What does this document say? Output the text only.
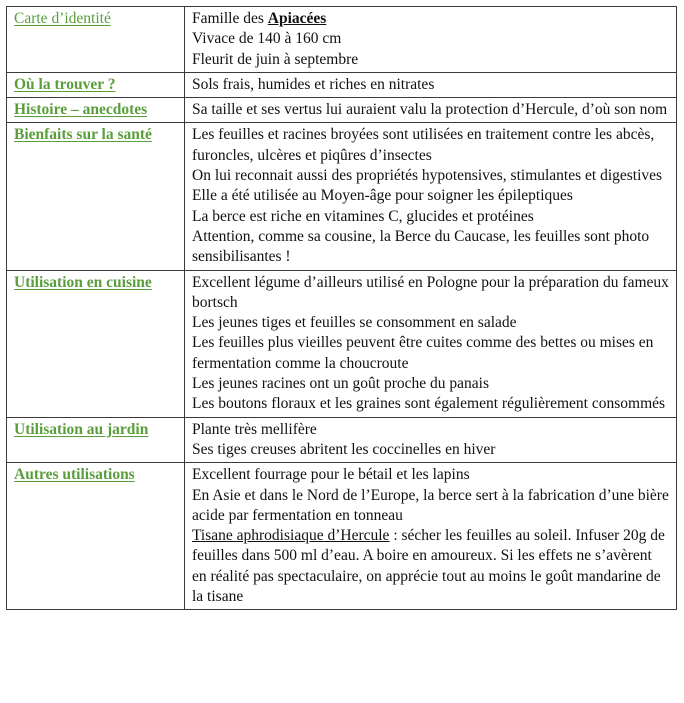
Carte d’identité	Famille des Apiacées
Vivace de 140 à 160 cm
Fleurit de juin à septembre

Où la trouver ?	Sols frais, humides et riches en nitrates

Histoire – anecdotes	Sa taille et ses vertus lui auraient valu la protection d’Hercule, d’où son nom

Bienfaits sur la santé	Les feuilles et racines broyées sont utilisées en traitement contre les abcès, furoncles, ulcères et piqûres d’insectes
On lui reconnait aussi des propriétés hypotensives, stimulantes et digestives
Elle a été utilisée au Moyen-âge pour soigner les épileptiques
La berce est riche en vitamines C, glucides et protéines
Attention, comme sa cousine, la Berce du Caucase, les feuilles sont photo sensibilisantes !

Utilisation en cuisine	Excellent légume d’ailleurs utilisé en Pologne pour la préparation du fameux bortsch
Les jeunes tiges et feuilles se consomment en salade
Les feuilles plus vieilles peuvent être cuites comme des bettes ou mises en fermentation comme la choucroute
Les jeunes racines ont un goût proche du panais
Les boutons floraux et les graines sont également régulièrement consommés

Utilisation au jardin	Plante très mellifère
Ses tiges creuses abritent les coccinelles en hiver

Autres utilisations	Excellent fourrage pour le bétail et les lapins
En Asie et dans le Nord de l’Europe, la berce sert à la fabrication d’une bière acide par fermentation en tonneau
Tisane aphrodisiaque d’Hercule : sécher les feuilles au soleil. Infuser 20g de feuilles dans 500 ml d’eau. A boire en amoureux. Si les effets ne s’avèrent en réalité pas spectaculaire, on apprécie tout au moins le goût mandarine de la tisane
